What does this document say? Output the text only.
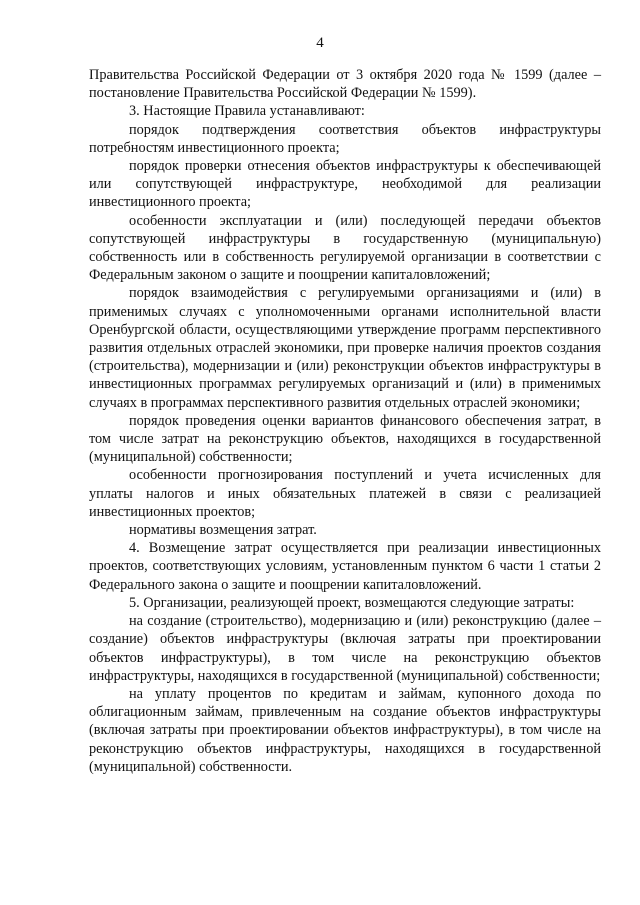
4

Правительства Российской Федерации от 3 октября 2020 года № 1599 (далее – постановление Правительства Российской Федерации № 1599).

3. Настоящие Правила устанавливают:

порядок подтверждения соответствия объектов инфраструктуры потребностям инвестиционного проекта;

порядок проверки отнесения объектов инфраструктуры к обеспечивающей или сопутствующей инфраструктуре, необходимой для реализации инвестиционного проекта;

особенности эксплуатации и (или) последующей передачи объектов сопутствующей инфраструктуры в государственную (муниципальную) собственность или в собственность регулируемой организации в соответствии с Федеральным законом о защите и поощрении капиталовложений;

порядок взаимодействия с регулируемыми организациями и (или) в применимых случаях с уполномоченными органами исполнительной власти Оренбургской области, осуществляющими утверждение программ перспективного развития отдельных отраслей экономики, при проверке наличия проектов создания (строительства), модернизации и (или) реконструкции объектов инфраструктуры в инвестиционных программах регулируемых организаций и (или) в применимых случаях в программах перспективного развития отдельных отраслей экономики;

порядок проведения оценки вариантов финансового обеспечения затрат, в том числе затрат на реконструкцию объектов, находящихся в государственной (муниципальной) собственности;

особенности прогнозирования поступлений и учета исчисленных для уплаты налогов и иных обязательных платежей в связи с реализацией инвестиционных проектов;

нормативы возмещения затрат.

4. Возмещение затрат осуществляется при реализации инвестиционных проектов, соответствующих условиям, установленным пунктом 6 части 1 статьи 2 Федерального закона о защите и поощрении капиталовложений.

5. Организации, реализующей проект, возмещаются следующие затраты:

на создание (строительство), модернизацию и (или) реконструкцию (далее – создание) объектов инфраструктуры (включая затраты при проектировании объектов инфраструктуры), в том числе на реконструкцию объектов инфраструктуры, находящихся в государственной (муниципальной) собственности;

на уплату процентов по кредитам и займам, купонного дохода по облигационным займам, привлеченным на создание объектов инфраструктуры (включая затраты при проектировании объектов инфраструктуры), в том числе на реконструкцию объектов инфраструктуры, находящихся в государственной (муниципальной) собственности.
